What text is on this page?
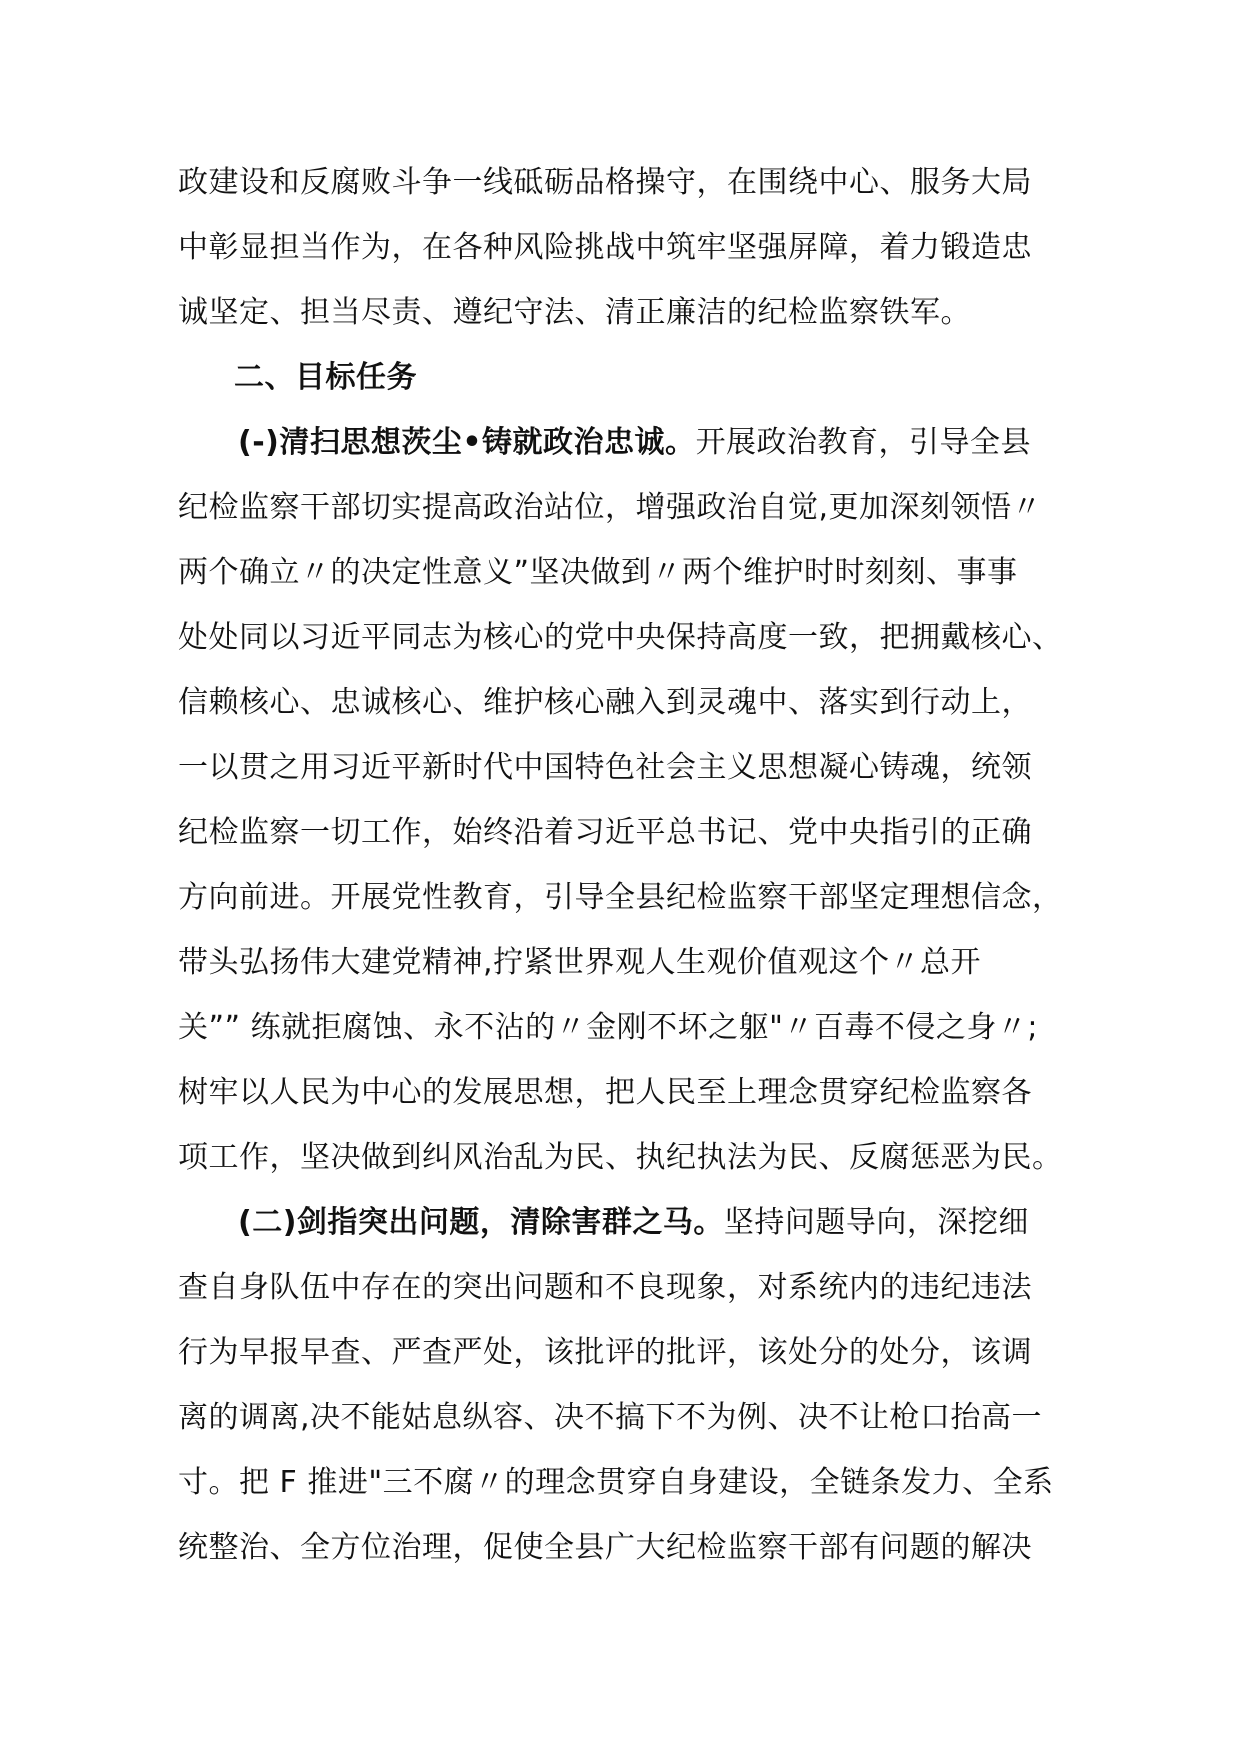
政建设和反腐败斗争一线砥砺品格操守，在围绕中心、服务大局
中彰显担当作为，在各种风险挑战中筑牢坚强屏障，着力锻造忠
诚坚定、担当尽责、遵纪守法、清正廉洁的纪检监察铁军。
二、目标任务
(-)清扫思想茨尘•铸就政治忠诚。开展政治教育，引导全县
纪检监察干部切实提高政治站位，增强政治自觉,更加深刻领悟〃
两个确立〃的决定性意义”坚决做到〃两个维护时时刻刻、事事
处处同以习近平同志为核心的党中央保持高度一致，把拥戴核心、
信赖核心、忠诚核心、维护核心融入到灵魂中、落实到行动上，
一以贯之用习近平新时代中国特色社会主义思想凝心铸魂，统领
纪检监察一切工作，始终沿着习近平总书记、党中央指引的正确
方向前进。开展党性教育，引导全县纪检监察干部坚定理想信念，
带头弘扬伟大建党精神,拧紧世界观人生观价值观这个〃总开
关”” 练就拒腐蚀、永不沾的〃金刚不坏之躯"〃百毒不侵之身〃;
树牢以人民为中心的发展思想，把人民至上理念贯穿纪检监察各
项工作，坚决做到纠风治乱为民、执纪执法为民、反腐惩恶为民。
(二)剑指突出问题，清除害群之马。坚持问题导向，深挖细
查自身队伍中存在的突出问题和不良现象，对系统内的违纪违法
行为早报早查、严查严处，该批评的批评，该处分的处分，该调
离的调离,决不能姑息纵容、决不搞下不为例、决不让枪口抬高一
寸。把 F 推进"三不腐〃的理念贯穿自身建设，全链条发力、全系
统整治、全方位治理，促使全县广大纪检监察干部有问题的解决
